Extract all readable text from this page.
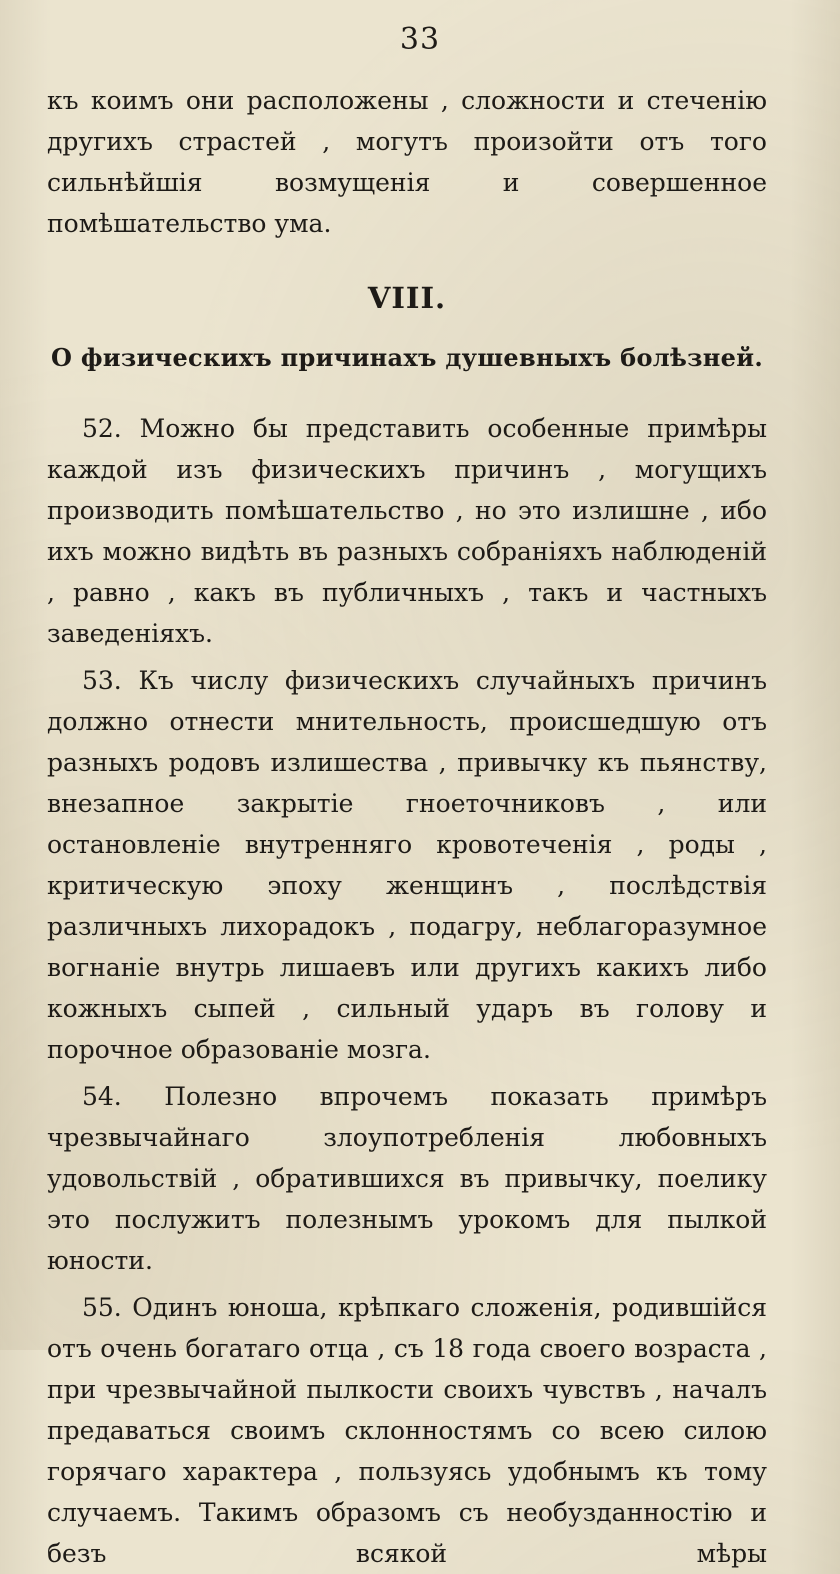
33

къ коимъ они расположены , сложности и стеченію другихъ страстей , могутъ произойти отъ того сильнѣйшія возмущенія и совершенное помѣшательство ума.

VIII.
О физическихъ причинахъ душевныхъ болѣзней.

52. Можно бы представить особенные примѣры каждой изъ физическихъ причинъ , могущихъ производить помѣшательство , но это излишне , ибо ихъ можно видѣть въ разныхъ собраніяхъ наблюденій , равно , какъ въ публичныхъ , такъ и частныхъ заведеніяхъ.

53. Къ числу физическихъ случайныхъ причинъ должно отнести мнительность, происшедшую отъ разныхъ родовъ излишества , привычку къ пьянству, внезапное закрытіе гноеточниковъ , или остановленіе внутренняго кровотеченія , роды , критическую эпоху женщинъ , послѣдствія различныхъ лихорадокъ , подагру, неблагоразумное вогнаніе внутрь лишаевъ или другихъ какихъ либо кожныхъ сыпей , сильный ударъ въ голову и порочное образованіе мозга.

54. Полезно впрочемъ показать примѣръ чрезвычайнаго злоупотребленія любовныхъ удовольствій , обратившихся въ привычку, поелику это послужитъ полезнымъ урокомъ для пылкой юности.

55. Одинъ юноша, крѣпкаго сложенія, родившійся отъ очень богатаго отца , съ 18 года своего возраста , при чрезвычайной пылкости своихъ чувствъ , началъ предаваться своимъ склонностямъ со всею силою горячаго характера , пользуясь удобнымъ къ тому случаемъ. Такимъ образомъ съ необузданностію и безъ всякой мѣры
